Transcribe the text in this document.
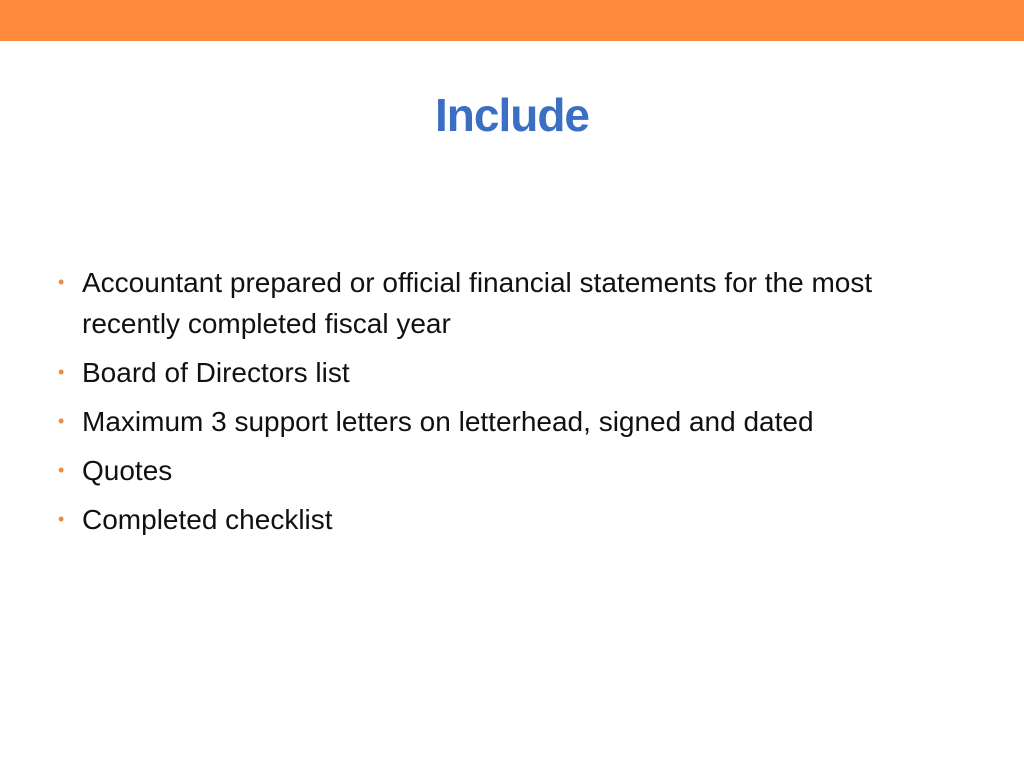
Include
• Accountant prepared or official financial statements for the most recently completed fiscal year
• Board of Directors list
• Maximum 3 support letters on letterhead, signed and dated
• Quotes
• Completed checklist
